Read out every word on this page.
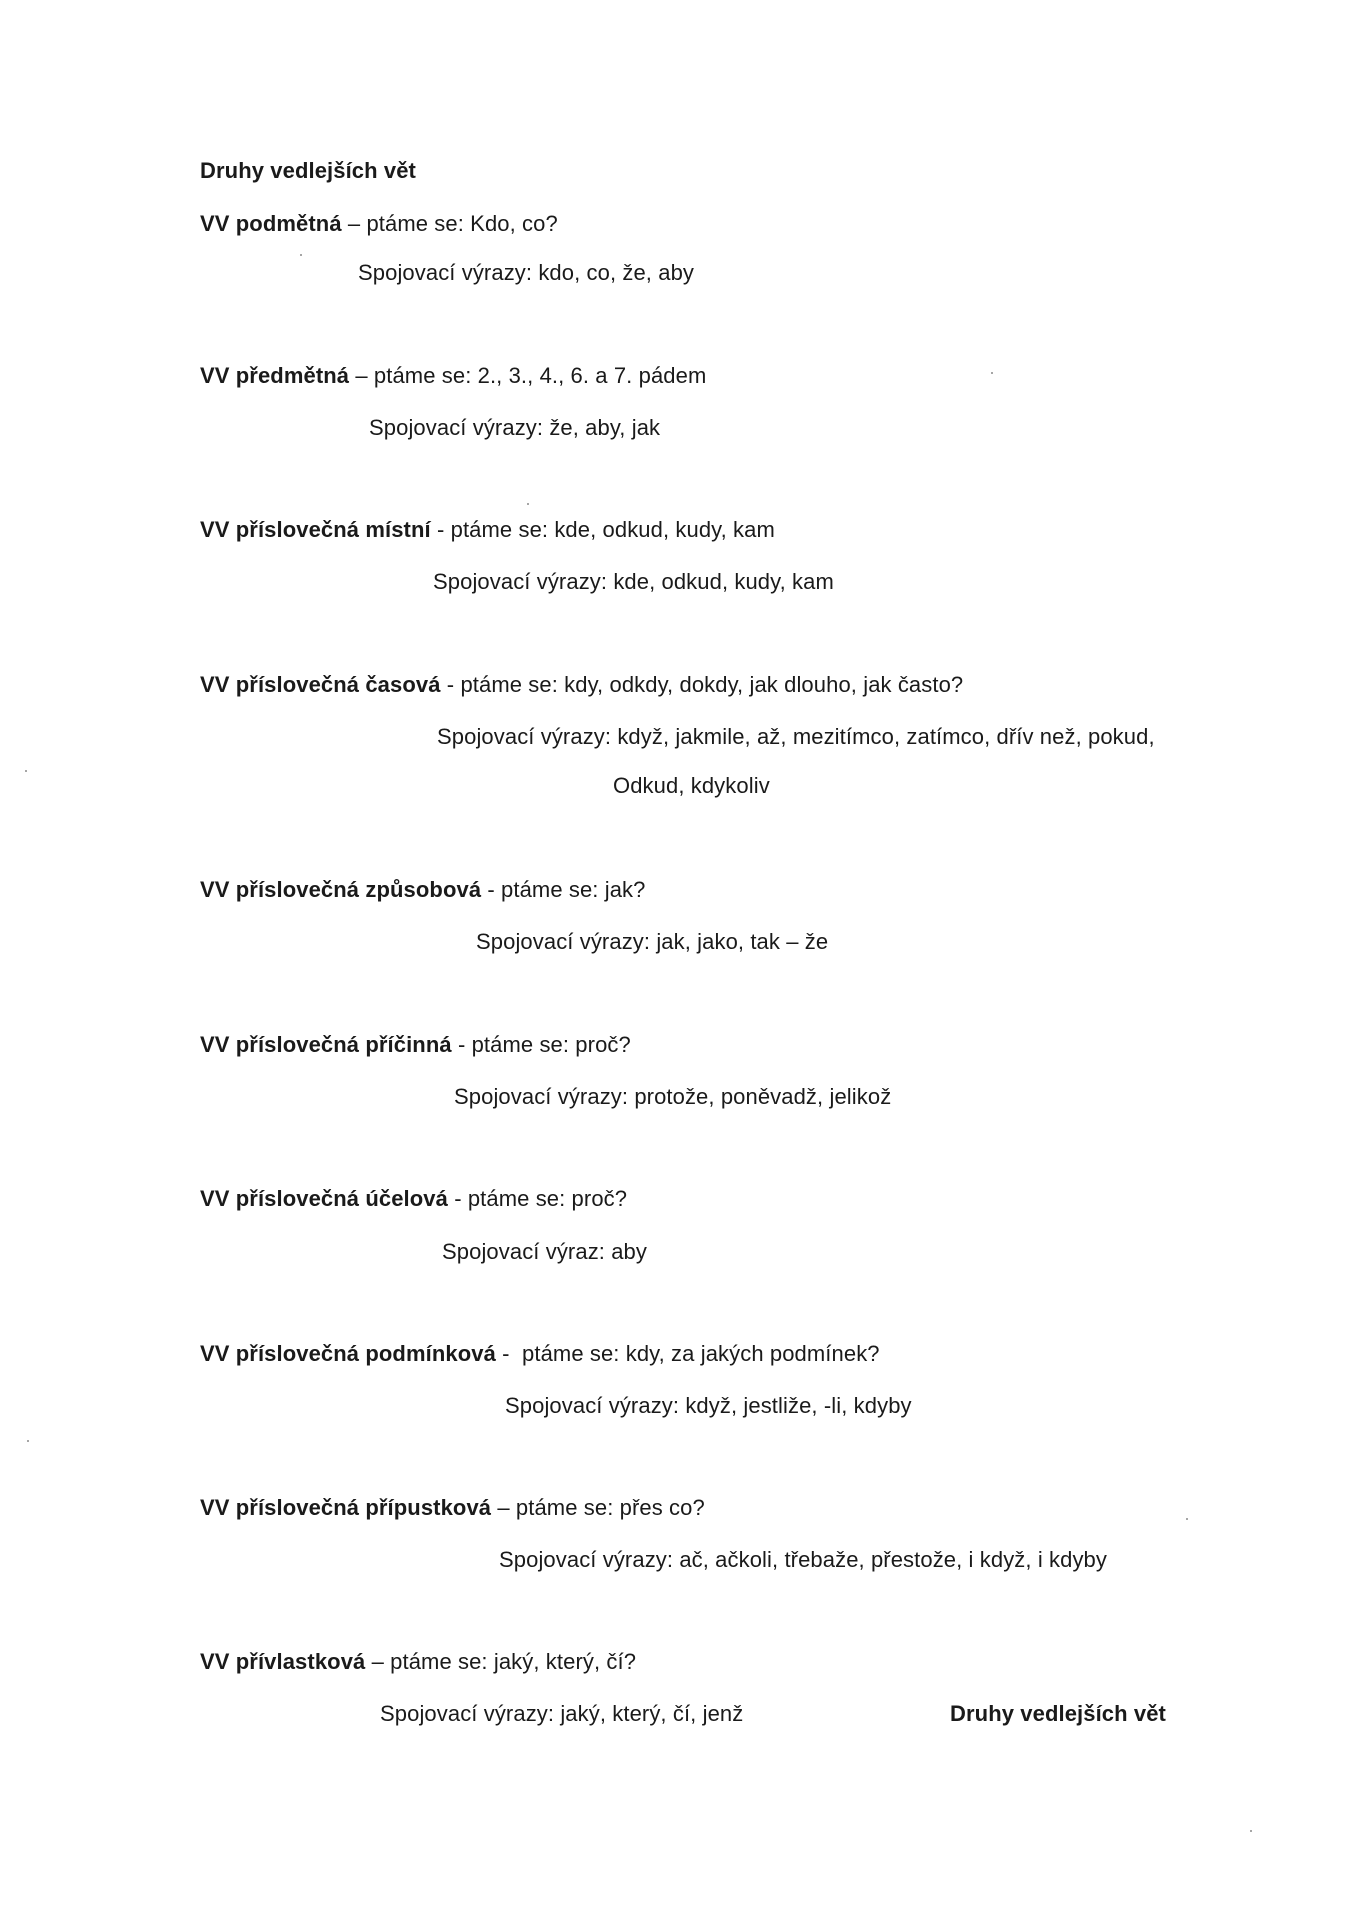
Druhy vedlejších vět
VV podmětná – ptáme se: Kdo, co?
Spojovací výrazy: kdo, co, že, aby
VV předmětná – ptáme se: 2., 3., 4., 6. a 7. pádem
Spojovací výrazy: že, aby, jak
VV příslovečná místní - ptáme se: kde, odkud, kudy, kam
Spojovací výrazy: kde, odkud, kudy, kam
VV příslovečná časová - ptáme se: kdy, odkdy, dokdy, jak dlouho, jak často?
Spojovací výrazy: když, jakmile, až, mezitímco, zatímco, dřív než, pokud,
Odkud, kdykoliv
VV příslovečná způsobová - ptáme se: jak?
Spojovací výrazy: jak, jako, tak – že
VV příslovečná příčinná - ptáme se: proč?
Spojovací výrazy: protože, poněvadž, jelikož
VV příslovečná účelová - ptáme se: proč?
Spojovací výraz: aby
VV příslovečná podmínková -  ptáme se: kdy, za jakých podmínek?
Spojovací výrazy: když, jestliže, -li, kdyby
VV příslovečná přípustková – ptáme se: přes co?
Spojovací výrazy: ač, ačkoli, třebaže, přestože, i když, i kdyby
VV přívlastková – ptáme se: jaký, který, čí?
Spojovací výrazy: jaký, který, čí, jenž	Druhy vedlejších vět
